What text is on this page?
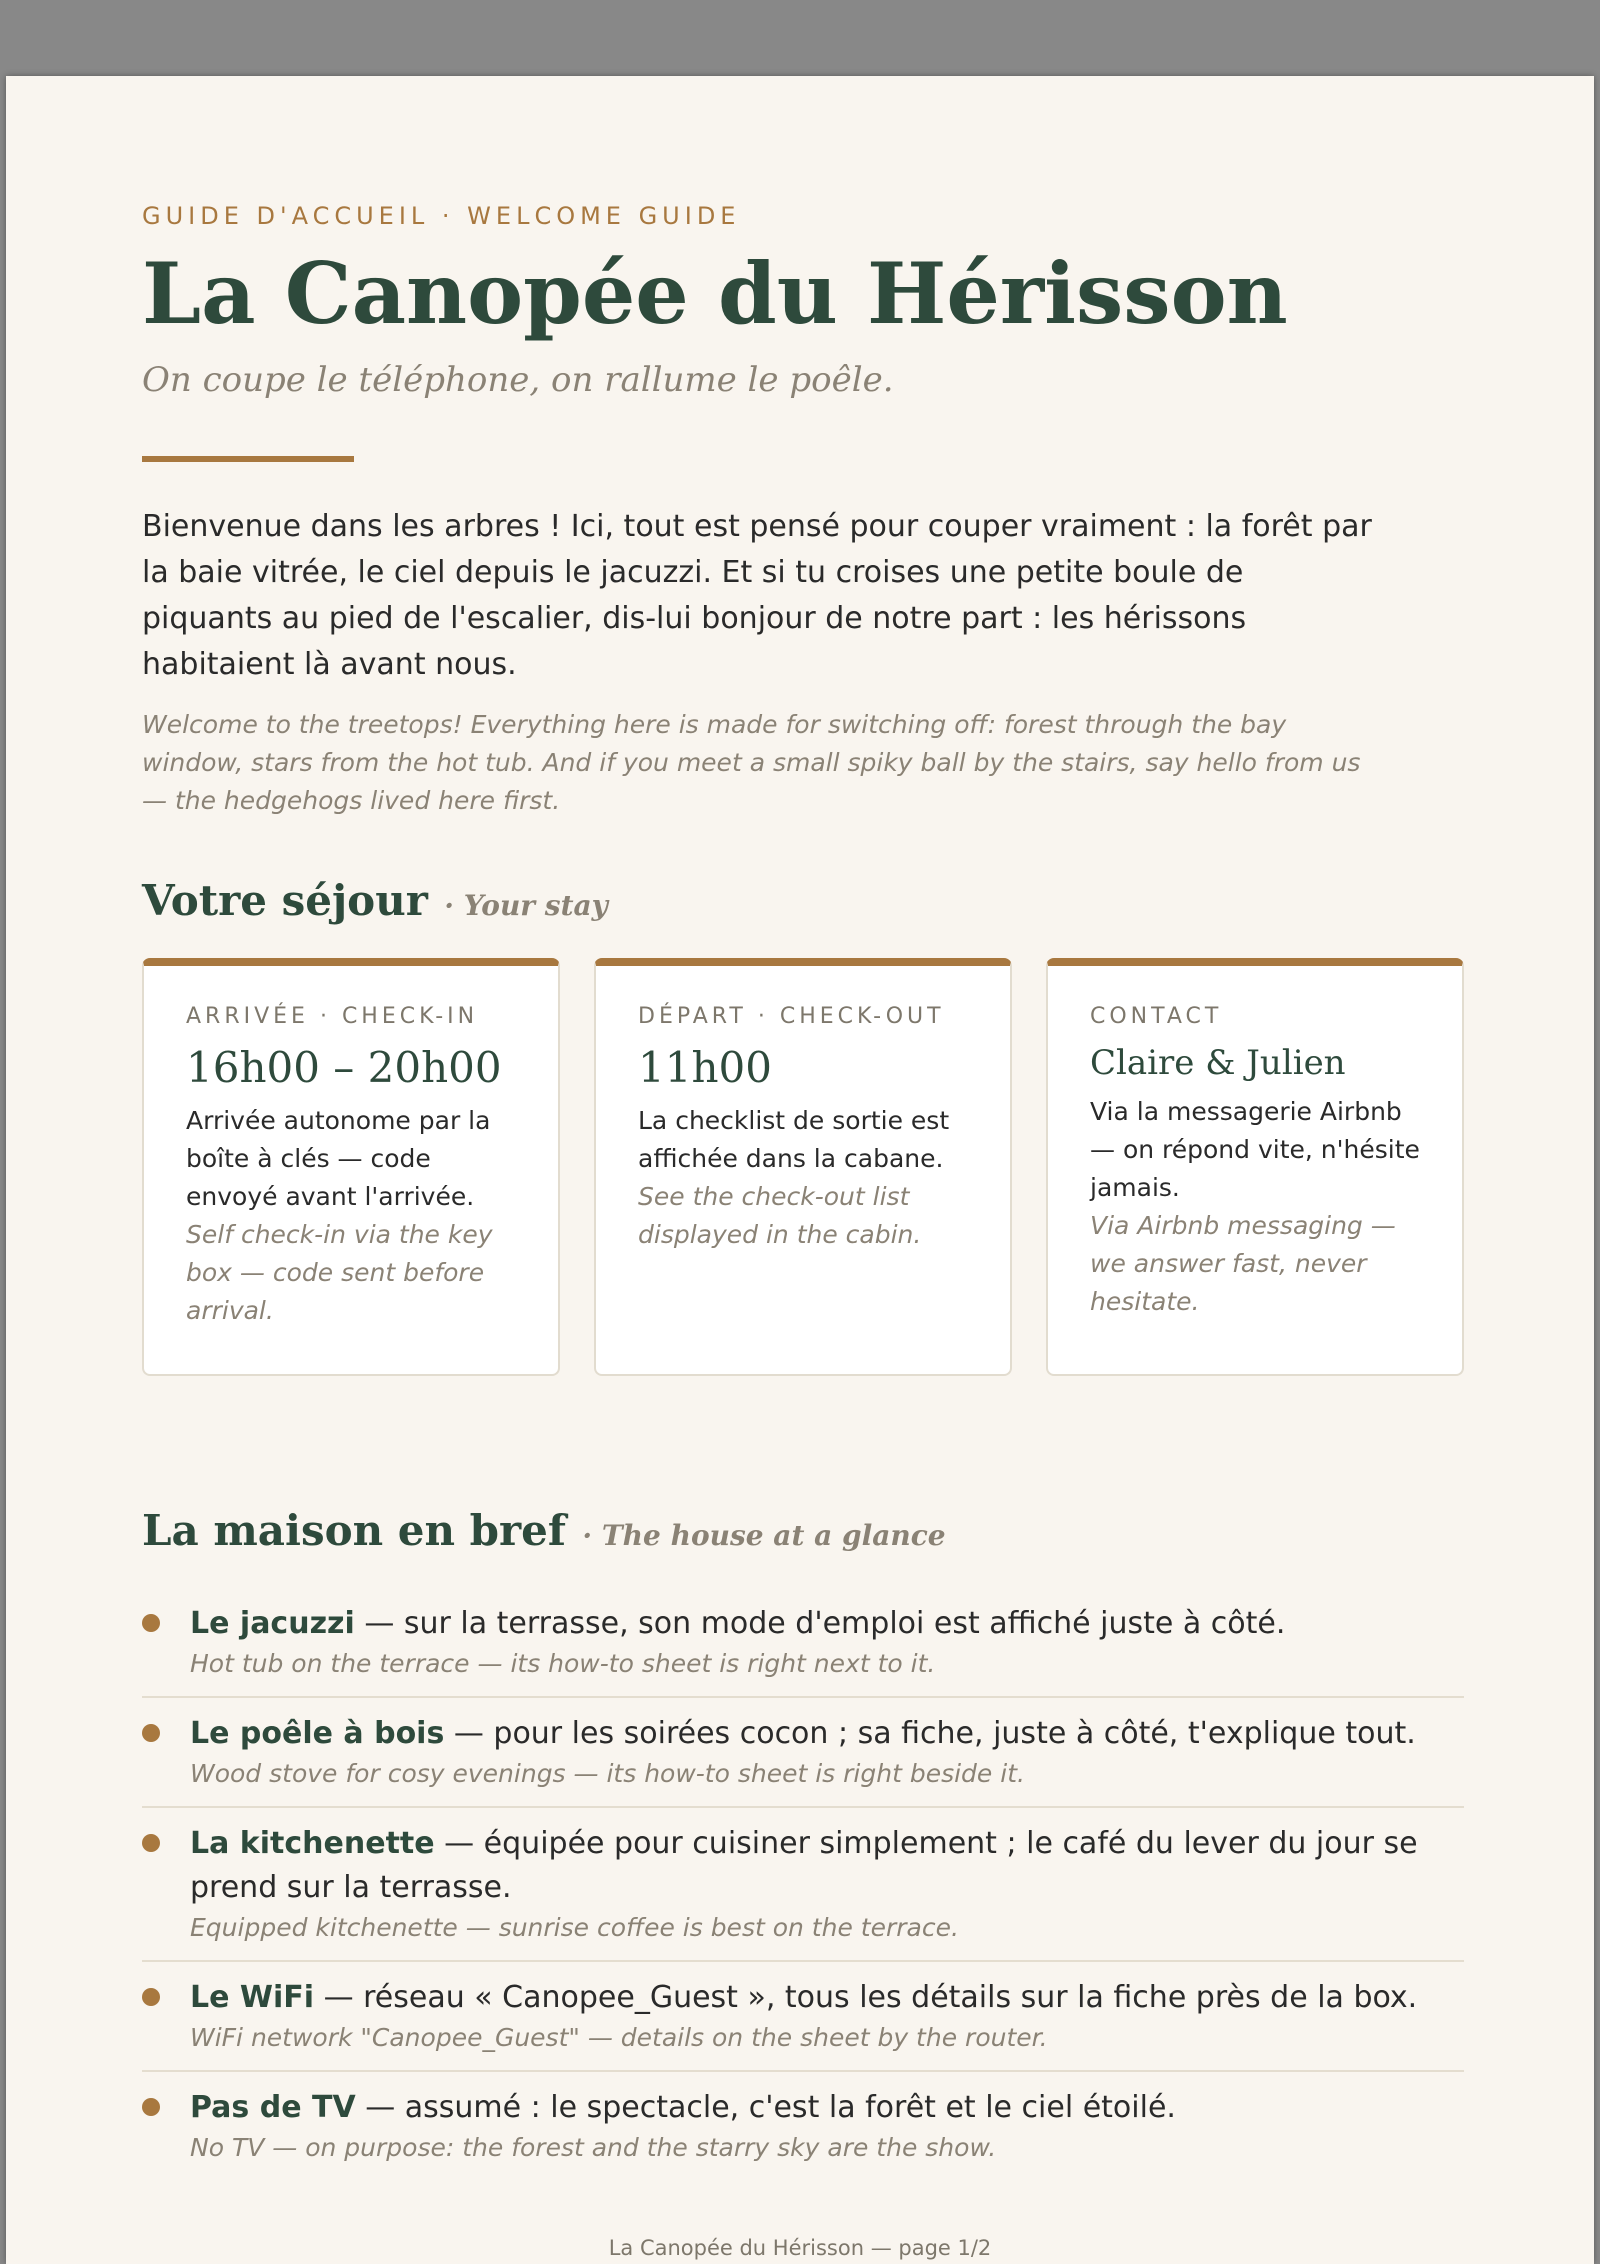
GUIDE D'ACCUEIL · WELCOME GUIDE
La Canopée du Hérisson
On coupe le téléphone, on rallume le poêle.

Bienvenue dans les arbres ! Ici, tout est pensé pour couper vraiment : la forêt par la baie vitrée, le ciel depuis le jacuzzi. Et si tu croises une petite boule de piquants au pied de l'escalier, dis-lui bonjour de notre part : les hérissons habitaient là avant nous.

Welcome to the treetops! Everything here is made for switching off: forest through the bay window, stars from the hot tub. And if you meet a small spiky ball by the stairs, say hello from us — the hedgehogs lived here first.

Votre séjour · Your stay
ARRIVÉE · CHECK-IN
16h00 – 20h00
Arrivée autonome par la boîte à clés — code envoyé avant l'arrivée.
Self check-in via the key box — code sent before arrival.
DÉPART · CHECK-OUT
11h00
La checklist de sortie est affichée dans la cabane.
See the check-out list displayed in the cabin.
CONTACT
Claire & Julien
Via la messagerie Airbnb — on répond vite, n'hésite jamais.
Via Airbnb messaging — we answer fast, never hesitate.
La maison en bref · The house at a glance
Le jacuzzi — sur la terrasse, son mode d'emploi est affiché juste à côté.
Hot tub on the terrace — its how-to sheet is right next to it.
Le poêle à bois — pour les soirées cocon ; sa fiche, juste à côté, t'explique tout.
Wood stove for cosy evenings — its how-to sheet is right beside it.
La kitchenette — équipée pour cuisiner simplement ; le café du lever du jour se prend sur la terrasse.
Equipped kitchenette — sunrise coffee is best on the terrace.
Le WiFi — réseau « Canopee_Guest », tous les détails sur la fiche près de la box.
WiFi network "Canopee_Guest" — details on the sheet by the router.
Pas de TV — assumé : le spectacle, c'est la forêt et le ciel étoilé.
No TV — on purpose: the forest and the starry sky are the show.
La Canopée du Hérisson — page 1/2
